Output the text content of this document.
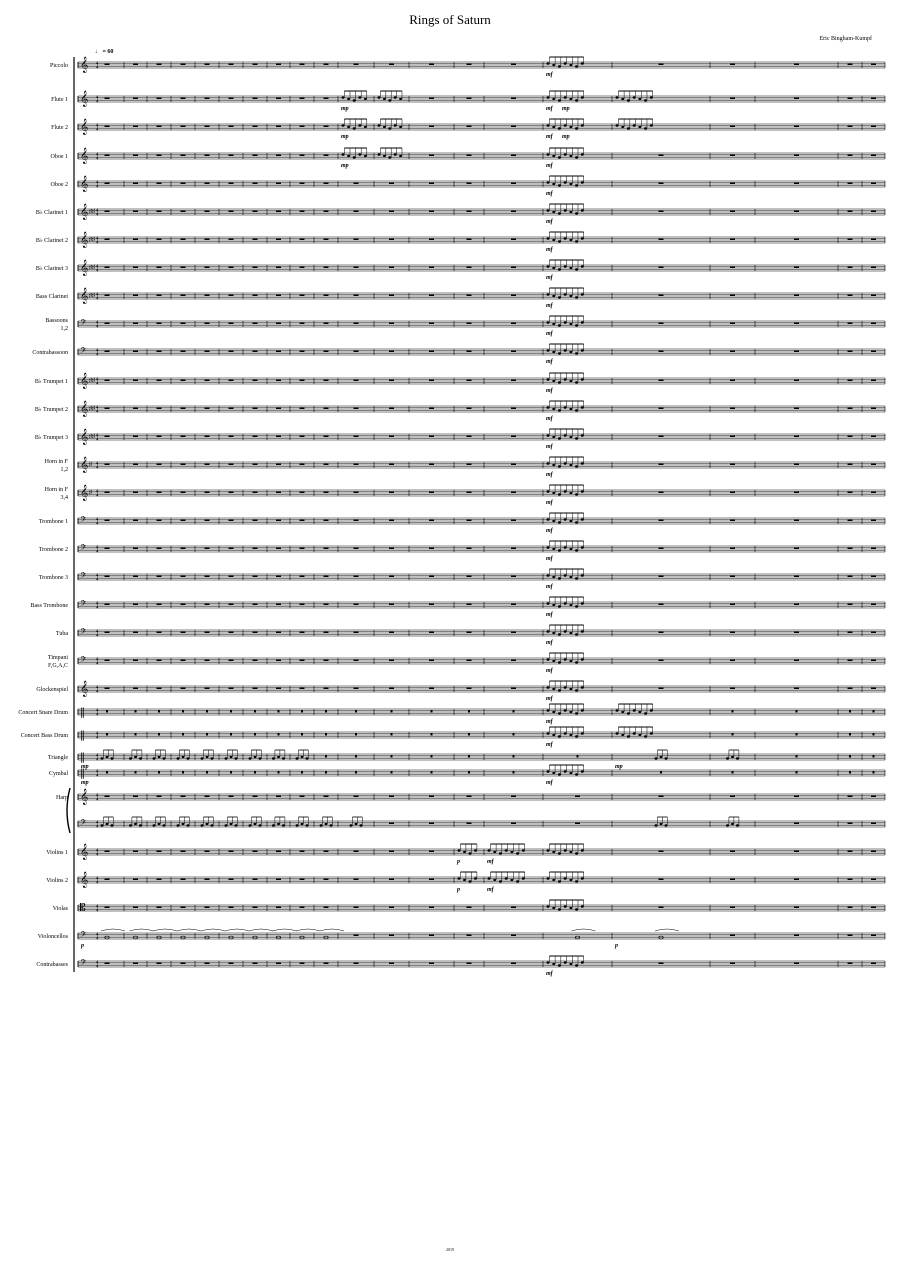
Rings of Saturn
Eric Bingham-Kumpf
♩ = 60
Piccolo 𝄞 4
4
mf
Flute 1 𝄞 4
4
mp	mf mp
Flute 2 𝄞 4
4
mp	mf mp
Oboe 1 𝄞 4
4
mp	mf
Oboe 2 𝄞 4
4
mf
B♭ Clarinet 1 𝄞 ♯♯ 4
4
mf
B♭ Clarinet 2 𝄞 ♯♯ 4
4
mf
B♭ Clarinet 3 𝄞 ♯♯ 4
4
mf
Bass Clarinet 𝄞 ♯♯ 4
4
mf
Bassoons
1,2 𝄢 4
4
mf
Contrabassoon 𝄢 4
4
mf
B♭ Trumpet 1 𝄞 ♯♯ 4
4
mf
B♭ Trumpet 2 𝄞 ♯♯ 4
4
mf
B♭ Trumpet 3 𝄞 ♯♯ 4
4
mf
Horn in F
1,2 𝄞 ♯ 4
4
mf
Horn in F
3,4 𝄞 ♯ 4
4
mf
Trombone 1 𝄢 4
4
mf
Trombone 2 𝄢 4
4
mf
Trombone 3 𝄢 4
4
mf
Bass Trombone 𝄢 4
4
mf
Tuba 𝄢 4
4
mf
Timpani
F,G,A,C 𝄢 4
4
mf
Glockenspiel 𝄞 4
4
mf
Concert Snare Drum ‖ 4
4
mf
Concert Bass Drum ‖ 4
4
mf
Triangle ‖ 4
4
mp	mp
Cymbal ‖ 4
4
mp	mf
Harp 𝄞 4
4
𝄢 4
4
Violins 1 𝄞 4
4
p	mf
Violins 2 𝄞 4
4
p	mf
Violas 𝄡 4
4
Violoncellos 𝄢 4
4
p	p
Contrabasses 𝄢 4
4
mf
2019
